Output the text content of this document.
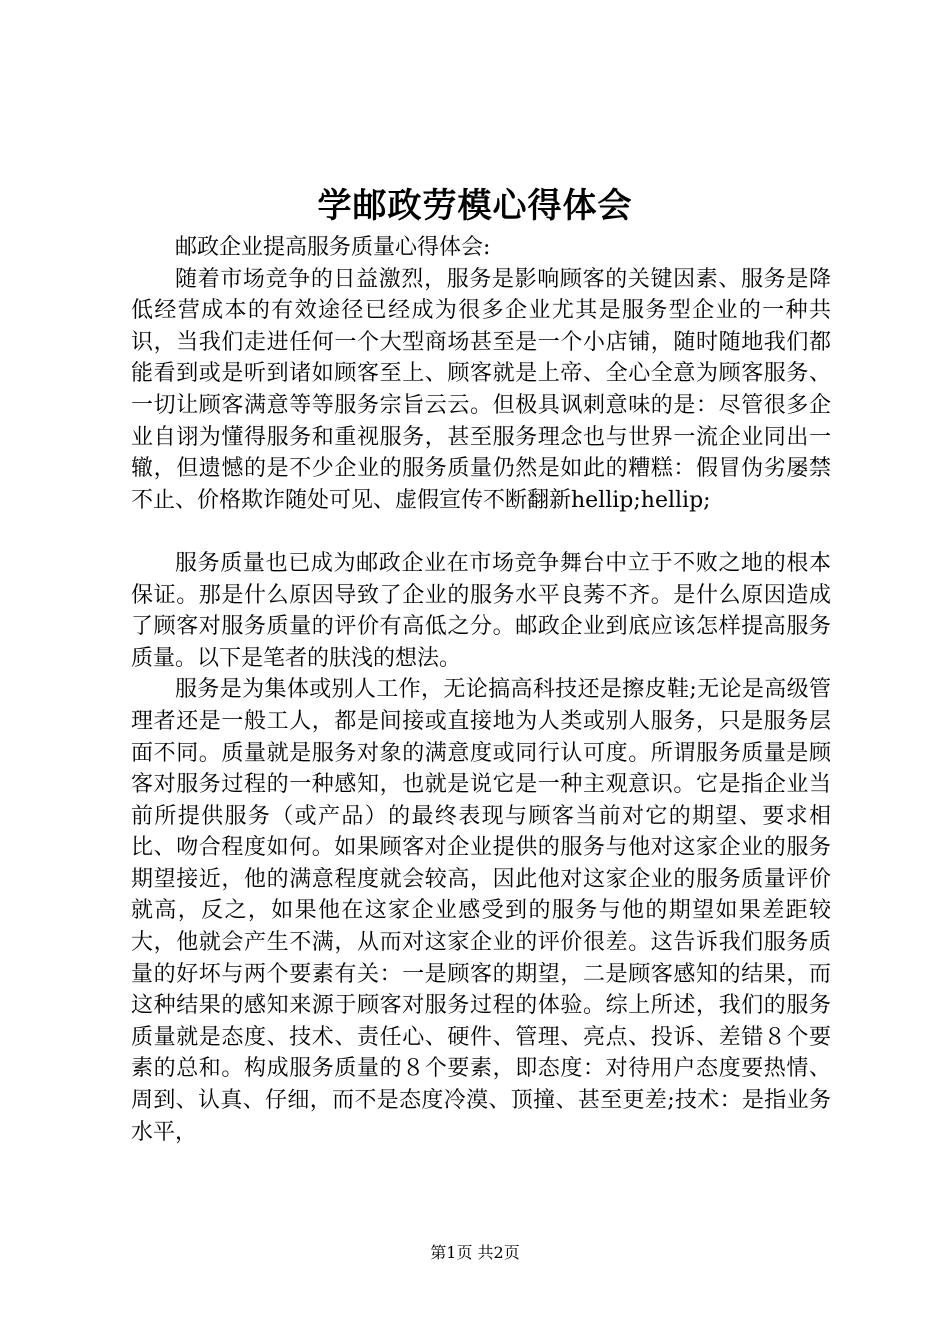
学邮政劳模心得体会

邮政企业提高服务质量心得体会:

随着市场竞争的日益激烈，服务是影响顾客的关键因素、服务是降低经营成本的有效途径已经成为很多企业尤其是服务型企业的一种共识，当我们走进任何一个大型商场甚至是一个小店铺，随时随地我们都能看到或是听到诸如顾客至上、顾客就是上帝、全心全意为顾客服务、一切让顾客满意等等服务宗旨云云。但极具讽刺意味的是：尽管很多企业自诩为懂得服务和重视服务，甚至服务理念也与世界一流企业同出一辙，但遗憾的是不少企业的服务质量仍然是如此的糟糕：假冒伪劣屡禁不止、价格欺诈随处可见、虚假宣传不断翻新hellip;hellip;

服务质量也已成为邮政企业在市场竞争舞台中立于不败之地的根本保证。那是什么原因导致了企业的服务水平良莠不齐。是什么原因造成了顾客对服务质量的评价有高低之分。邮政企业到底应该怎样提高服务质量。以下是笔者的肤浅的想法。

服务是为集体或别人工作，无论搞高科技还是擦皮鞋;无论是高级管理者还是一般工人，都是间接或直接地为人类或别人服务，只是服务层面不同。质量就是服务对象的满意度或同行认可度。所谓服务质量是顾客对服务过程的一种感知，也就是说它是一种主观意识。它是指企业当前所提供服务（或产品）的最终表现与顾客当前对它的期望、要求相比、吻合程度如何。如果顾客对企业提供的服务与他对这家企业的服务期望接近，他的满意程度就会较高，因此他对这家企业的服务质量评价就高，反之，如果他在这家企业感受到的服务与他的期望如果差距较大，他就会产生不满，从而对这家企业的评价很差。这告诉我们服务质量的好坏与两个要素有关：一是顾客的期望，二是顾客感知的结果，而这种结果的感知来源于顾客对服务过程的体验。综上所述，我们的服务质量就是态度、技术、责任心、硬件、管理、亮点、投诉、差错８个要素的总和。构成服务质量的８个要素，即态度：对待用户态度要热情、周到、认真、仔细，而不是态度冷漠、顶撞、甚至更差;技术：是指业务水平，

第1页 共2页
